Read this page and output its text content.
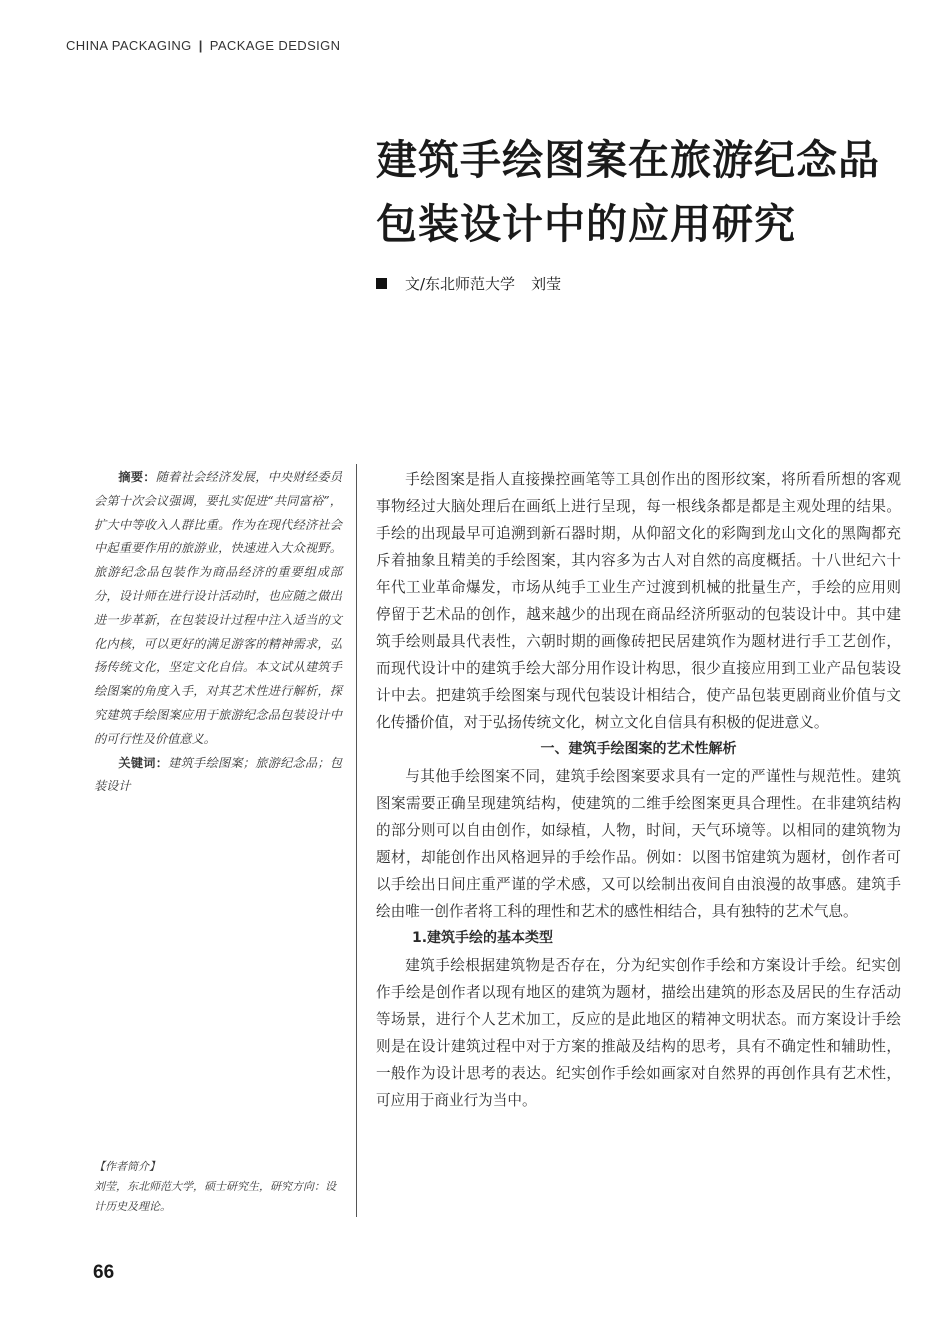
CHINA PACKAGING | PACKAGE DEDSIGN
建筑手绘图案在旅游纪念品包装设计中的应用研究
文/东北师范大学 刘莹

摘要：随着社会经济发展，中央财经委员会第十次会议强调，要扎实促进“共同富裕”，扩大中等收入人群比重。作为在现代经济社会中起重要作用的旅游业，快速进入大众视野。旅游纪念品包装作为商品经济的重要组成部分，设计师在进行设计活动时，也应随之做出进一步革新，在包装设计过程中注入适当的文化内核，可以更好的满足游客的精神需求，弘扬传统文化，坚定文化自信。本文试从建筑手绘图案的角度入手，对其艺术性进行解析，探究建筑手绘图案应用于旅游纪念品包装设计中的可行性及价值意义。

关键词：建筑手绘图案；旅游纪念品；包装设计

【作者简介】

刘莹，东北师范大学，硕士研究生，研究方向：设计历史及理论。

手绘图案是指人直接操控画笔等工具创作出的图形纹案，将所看所想的客观事物经过大脑处理后在画纸上进行呈现，每一根线条都是都是主观处理的结果。手绘的出现最早可追溯到新石器时期，从仰韶文化的彩陶到龙山文化的黑陶都充斥着抽象且精美的手绘图案，其内容多为古人对自然的高度概括。十八世纪六十年代工业革命爆发，市场从纯手工业生产过渡到机械的批量生产，手绘的应用则停留于艺术品的创作，越来越少的出现在商品经济所驱动的包装设计中。其中建筑手绘则最具代表性，六朝时期的画像砖把民居建筑作为题材进行手工艺创作，而现代设计中的建筑手绘大部分用作设计构思，很少直接应用到工业产品包装设计中去。把建筑手绘图案与现代包装设计相结合，使产品包装更剧商业价值与文化传播价值，对于弘扬传统文化，树立文化自信具有积极的促进意义。

一、建筑手绘图案的艺术性解析

与其他手绘图案不同，建筑手绘图案要求具有一定的严谨性与规范性。建筑图案需要正确呈现建筑结构，使建筑的二维手绘图案更具合理性。在非建筑结构的部分则可以自由创作，如绿植，人物，时间，天气环境等。以相同的建筑物为题材，却能创作出风格迥异的手绘作品。例如：以图书馆建筑为题材，创作者可以手绘出日间庄重严谨的学术感，又可以绘制出夜间自由浪漫的故事感。建筑手绘由唯一创作者将工科的理性和艺术的感性相结合，具有独特的艺术气息。

1.建筑手绘的基本类型

建筑手绘根据建筑物是否存在，分为纪实创作手绘和方案设计手绘。纪实创作手绘是创作者以现有地区的建筑为题材，描绘出建筑的形态及居民的生存活动等场景，进行个人艺术加工，反应的是此地区的精神文明状态。而方案设计手绘则是在设计建筑过程中对于方案的推敲及结构的思考，具有不确定性和辅助性，一般作为设计思考的表达。纪实创作手绘如画家对自然界的再创作具有艺术性，可应用于商业行为当中。

66
